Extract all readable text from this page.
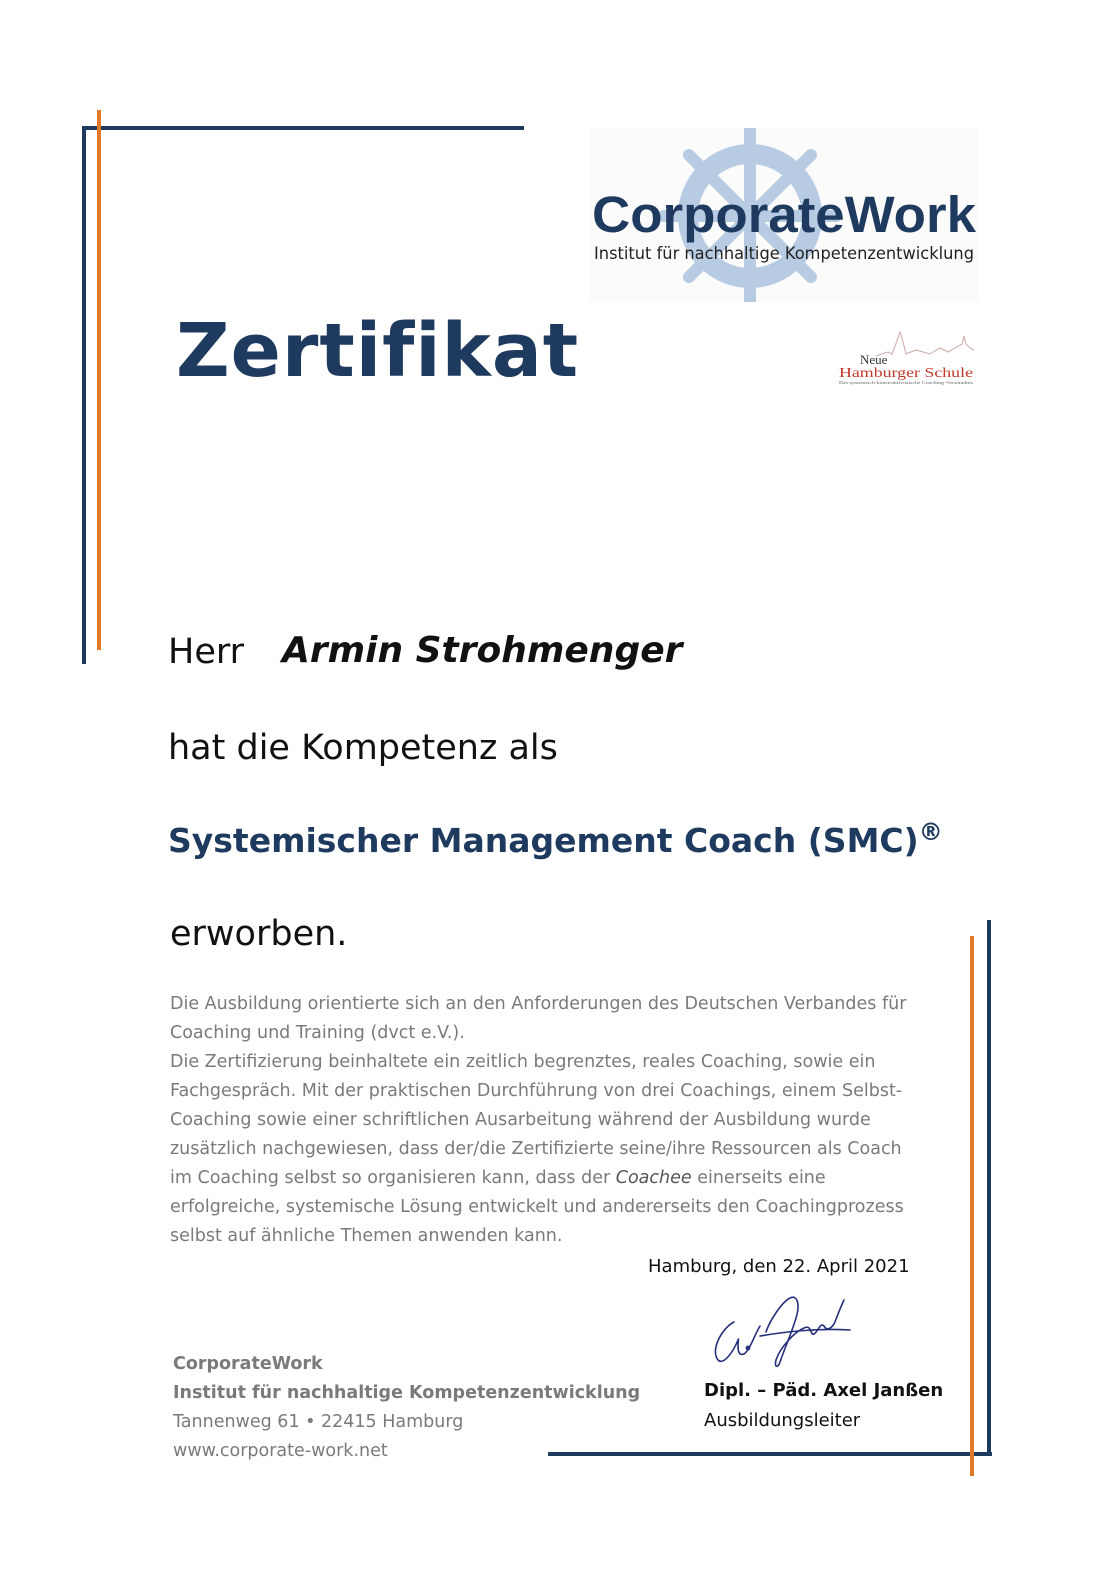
CorporateWork
Institut für nachhaltige Kompetenzentwicklung
Neue
Hamburger Schule
Das systemisch-konstruktivistische Coaching-Verständnis
Zertifikat
Herr Armin Strohmenger
hat die Kompetenz als
Systemischer Management Coach (SMC)®
erworben.

Die Ausbildung orientierte sich an den Anforderungen des Deutschen Verbandes für Coaching und Training (dvct e.V.).

Die Zertifizierung beinhaltete ein zeitlich begrenztes, reales Coaching, sowie ein Fachgespräch. Mit der praktischen Durchführung von drei Coachings, einem Selbst-Coaching sowie einer schriftlichen Ausarbeitung während der Ausbildung wurde zusätzlich nachgewiesen, dass der/die Zertifizierte seine/ihre Ressourcen als Coach im Coaching selbst so organisieren kann, dass der Coachee einerseits eine erfolgreiche, systemische Lösung entwickelt und andererseits den Coachingprozess selbst auf ähnliche Themen anwenden kann.

Hamburg, den 22. April 2021
Dipl. – Päd. Axel Janßen
Ausbildungsleiter
CorporateWork
Institut für nachhaltige Kompetenzentwicklung
Tannenweg 61 • 22415 Hamburg
www.corporate-work.net
